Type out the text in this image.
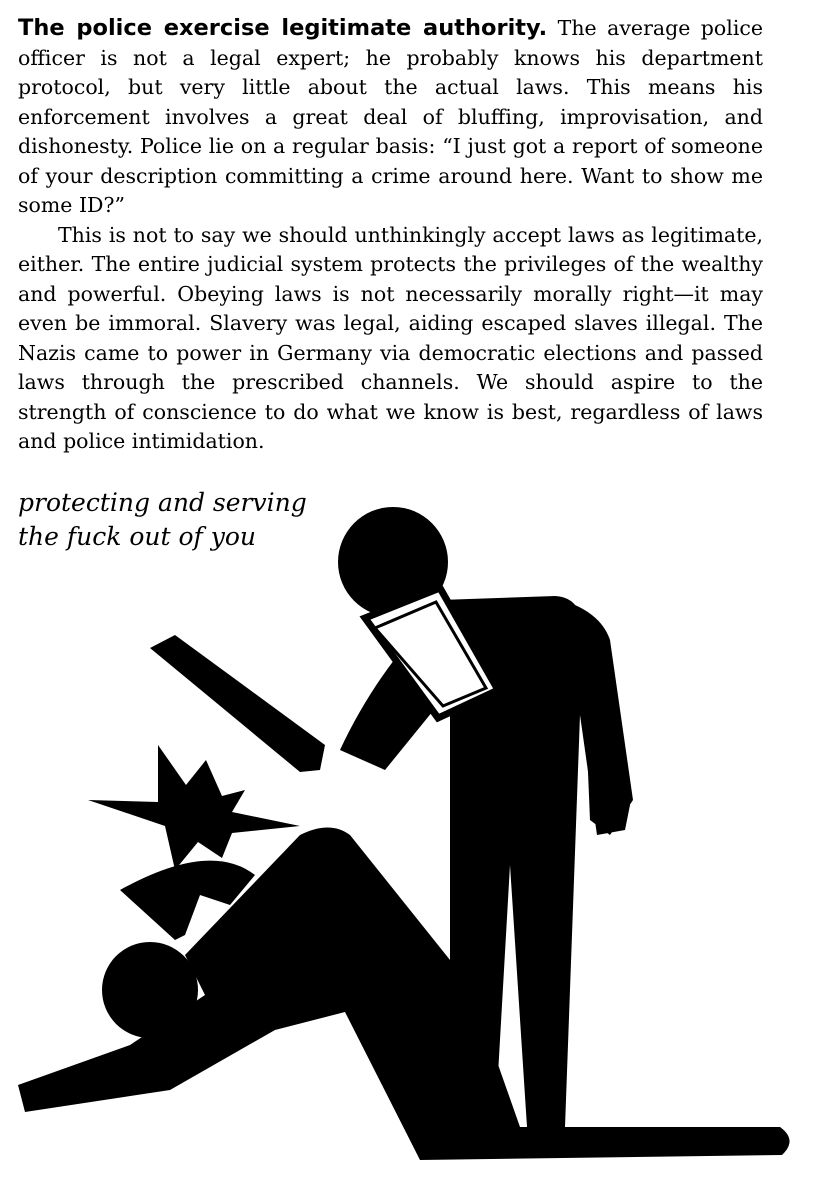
The police exercise legitimate authority. The average police officer is not a legal expert; he probably knows his department protocol, but very little about the actual laws. This means his enforcement involves a great deal of bluffing, improvisation, and dishonesty. Police lie on a regular basis: “I just got a report of someone of your description committing a crime around here. Want to show me some ID?”

This is not to say we should unthinkingly accept laws as legitimate, either. The entire judicial system protects the privileges of the wealthy and powerful. Obeying laws is not necessarily morally right—it may even be immoral. Slavery was legal, aiding escaped slaves illegal. The Nazis came to power in Germany via democratic elections and passed laws through the prescribed channels. We should aspire to the strength of conscience to do what we know is best, regardless of laws and police intimidation.

protecting and serving
the fuck out of you
